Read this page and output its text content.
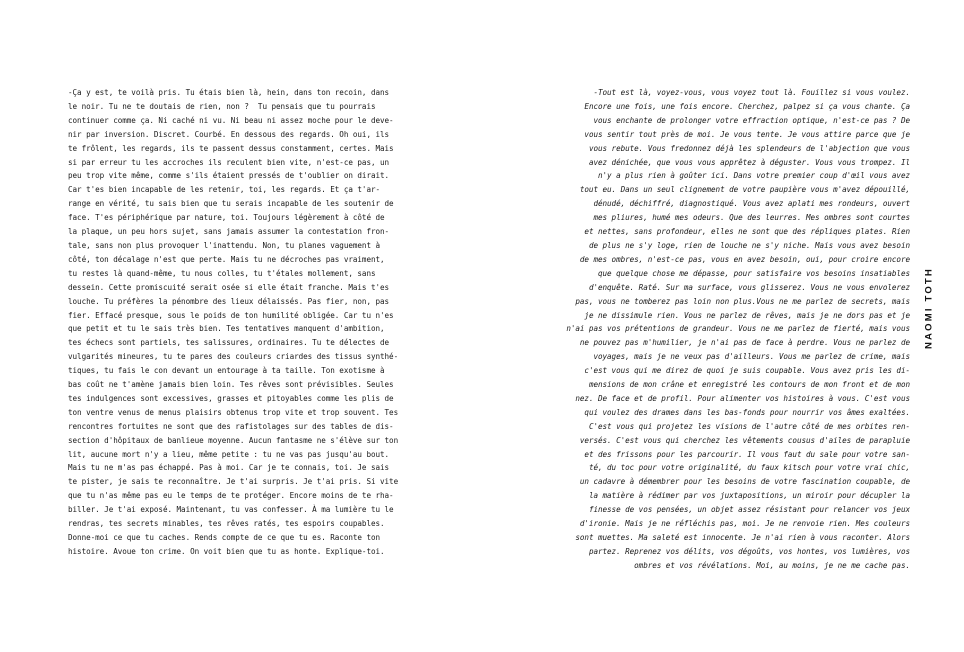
-Ça y est, te voilà pris. Tu étais bien là, hein, dans ton recoin, dans
le noir. Tu ne te doutais de rien, non ?  Tu pensais que tu pourrais
continuer comme ça. Ni caché ni vu. Ni beau ni assez moche pour le deve-
nir par inversion. Discret. Courbé. En dessous des regards. Oh oui, ils
te frôlent, les regards, ils te passent dessus constamment, certes. Mais
si par erreur tu les accroches ils reculent bien vite, n'est-ce pas, un
peu trop vite même, comme s'ils étaient pressés de t'oublier on dirait.
Car t'es bien incapable de les retenir, toi, les regards. Et ça t'ar-
range en vérité, tu sais bien que tu serais incapable de les soutenir de
face. T'es périphérique par nature, toi. Toujours légèrement à côté de
la plaque, un peu hors sujet, sans jamais assumer la contestation fron-
tale, sans non plus provoquer l'inattendu. Non, tu planes vaguement à
côté, ton décalage n'est que perte. Mais tu ne décroches pas vraiment,
tu restes là quand-même, tu nous colles, tu t'étales mollement, sans
dessein. Cette promiscuité serait osée si elle était franche. Mais t'es
louche. Tu préfères la pénombre des lieux délaissés. Pas fier, non, pas
fier. Effacé presque, sous le poids de ton humilité obligée. Car tu n'es
que petit et tu le sais très bien. Tes tentatives manquent d'ambition,
tes échecs sont partiels, tes salissures, ordinaires. Tu te délectes de
vulgarités mineures, tu te pares des couleurs criardes des tissus synthé-
tiques, tu fais le con devant un entourage à ta taille. Ton exotisme à
bas coût ne t'amène jamais bien loin. Tes rêves sont prévisibles. Seules
tes indulgences sont excessives, grasses et pitoyables comme les plis de
ton ventre venus de menus plaisirs obtenus trop vite et trop souvent. Tes
rencontres fortuites ne sont que des rafistolages sur des tables de dis-
section d'hôpitaux de banlieue moyenne. Aucun fantasme ne s'élève sur ton
lit, aucune mort n'y a lieu, même petite : tu ne vas pas jusqu'au bout.
Mais tu ne m'as pas échappé. Pas à moi. Car je te connais, toi. Je sais
te pister, je sais te reconnaître. Je t'ai surpris. Je t'ai pris. Si vite
que tu n'as même pas eu le temps de te protéger. Encore moins de te rha-
biller. Je t'ai exposé. Maintenant, tu vas confesser. À ma lumière tu le
rendras, tes secrets minables, tes rêves ratés, tes espoirs coupables.
Donne-moi ce que tu caches. Rends compte de ce que tu es. Raconte ton
histoire. Avoue ton crime. On voit bien que tu as honte. Explique-toi.
-Tout est là, voyez-vous, vous voyez tout là. Fouillez si vous voulez.
Encore une fois, une fois encore. Cherchez, palpez si ça vous chante. Ça
vous enchante de prolonger votre effraction optique, n'est-ce pas ? De
vous sentir tout près de moi. Je vous tente. Je vous attire parce que je
vous rebute. Vous fredonnez déjà les splendeurs de l'abjection que vous
avez dénichée, que vous vous apprêtez à déguster. Vous vous trompez. Il
n'y a plus rien à goûter ici. Dans votre premier coup d'œil vous avez
tout eu. Dans un seul clignement de votre paupière vous m'avez dépouillé,
dénudé, déchiffré, diagnostiqué. Vous avez aplati mes rondeurs, ouvert
mes pliures, humé mes odeurs. Que des leurres. Mes ombres sont courtes
et nettes, sans profondeur, elles ne sont que des répliques plates. Rien
de plus ne s'y loge, rien de louche ne s'y niche. Mais vous avez besoin
de mes ombres, n'est-ce pas, vous en avez besoin, oui, pour croire encore
que quelque chose me dépasse, pour satisfaire vos besoins insatiables
d'enquête. Raté. Sur ma surface, vous glisserez. Vous ne vous envolerez
pas, vous ne tomberez pas loin non plus.Vous ne me parlez de secrets, mais
je ne dissimule rien. Vous ne parlez de rêves, mais je ne dors pas et je
n'ai pas vos prétentions de grandeur. Vous ne me parlez de fierté, mais vous
ne pouvez pas m'humilier, je n'ai pas de face à perdre. Vous ne parlez de
voyages, mais je ne veux pas d'ailleurs. Vous me parlez de crime, mais
c'est vous qui me direz de quoi je suis coupable. Vous avez pris les di-
mensions de mon crâne et enregistré les contours de mon front et de mon
nez. De face et de profil. Pour alimenter vos histoires à vous. C'est vous
qui voulez des drames dans les bas-fonds pour nourrir vos âmes exaltées.
C'est vous qui projetez les visions de l'autre côté de mes orbites ren-
versés. C'est vous qui cherchez les vêtements cousus d'ailes de parapluie
et des frissons pour les parcourir. Il vous faut du sale pour votre san-
té, du toc pour votre originalité, du faux kitsch pour votre vrai chic,
un cadavre à démembrer pour les besoins de votre fascination coupable, de
la matière à rédimer par vos juxtapositions, un miroir pour décupler la
finesse de vos pensées, un objet assez résistant pour relancer vos jeux
d'ironie. Mais je ne réfléchis pas, moi. Je ne renvoie rien. Mes couleurs
sont muettes. Ma saleté est innocente. Je n'ai rien à vous raconter. Alors
partez. Reprenez vos délits, vos dégoûts, vos hontes, vos lumières, vos
ombres et vos révélations. Moi, au moins, je ne me cache pas.
NAOMI TOTH
